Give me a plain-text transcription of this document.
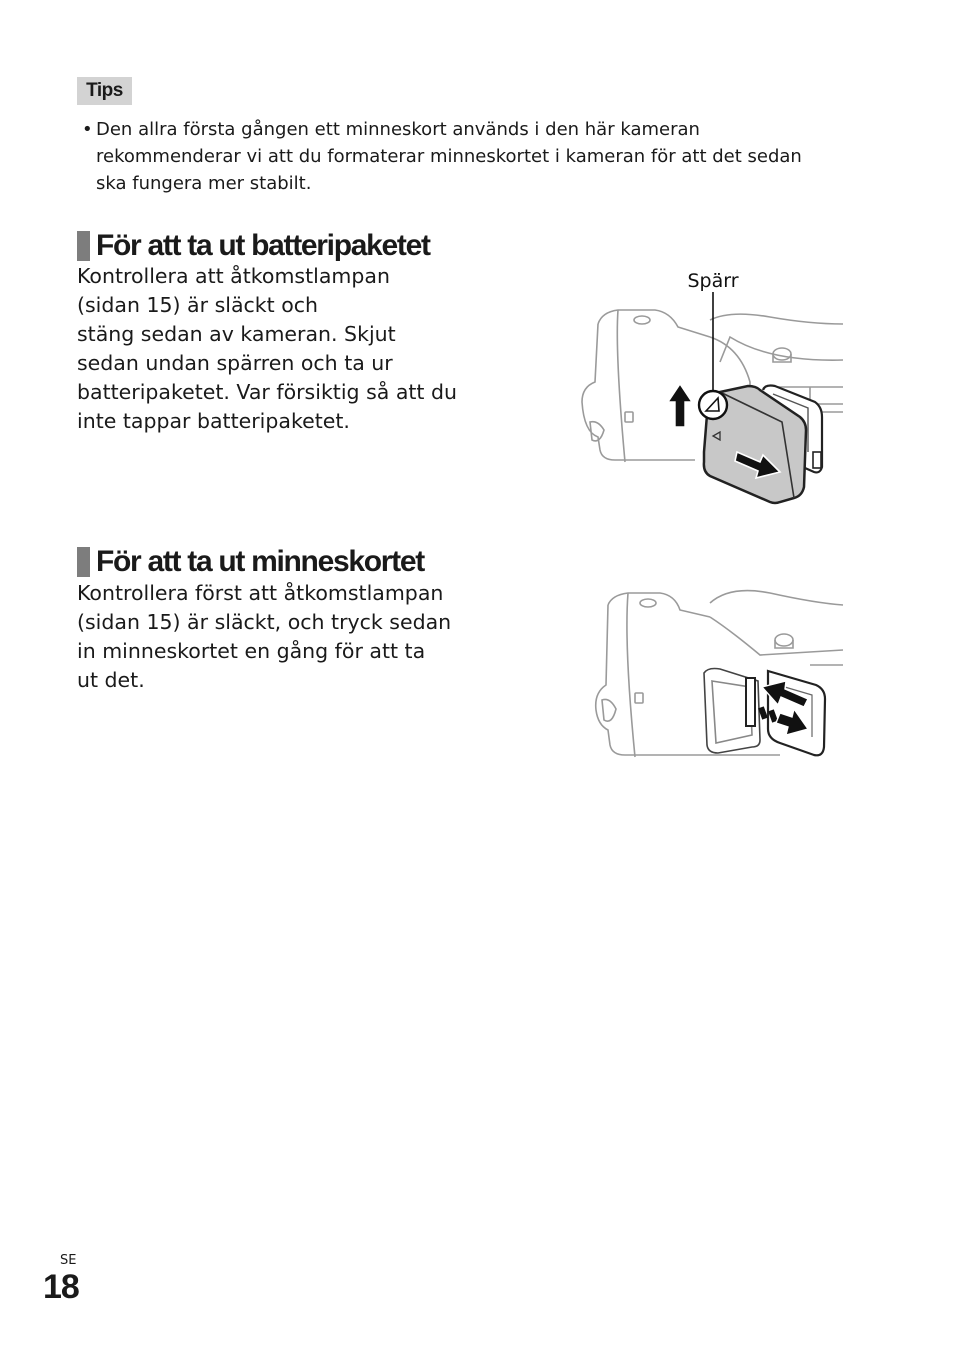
Tips
• Den allra första gången ett minneskort används i den här kameran
rekommenderar vi att du formaterar minneskortet i kameran för att det sedan
ska fungera mer stabilt.
För att ta ut batteripaketet
Kontrollera att åtkomstlampan
(sidan 15) är släckt och
stäng sedan av kameran. Skjut
sedan undan spärren och ta ur
batteripaketet. Var försiktig så att du
inte tappar batteripaketet.
Spärr
För att ta ut minneskortet
Kontrollera först att åtkomstlampan
(sidan 15) är släckt, och tryck sedan
in minneskortet en gång för att ta
ut det.
SE
18
